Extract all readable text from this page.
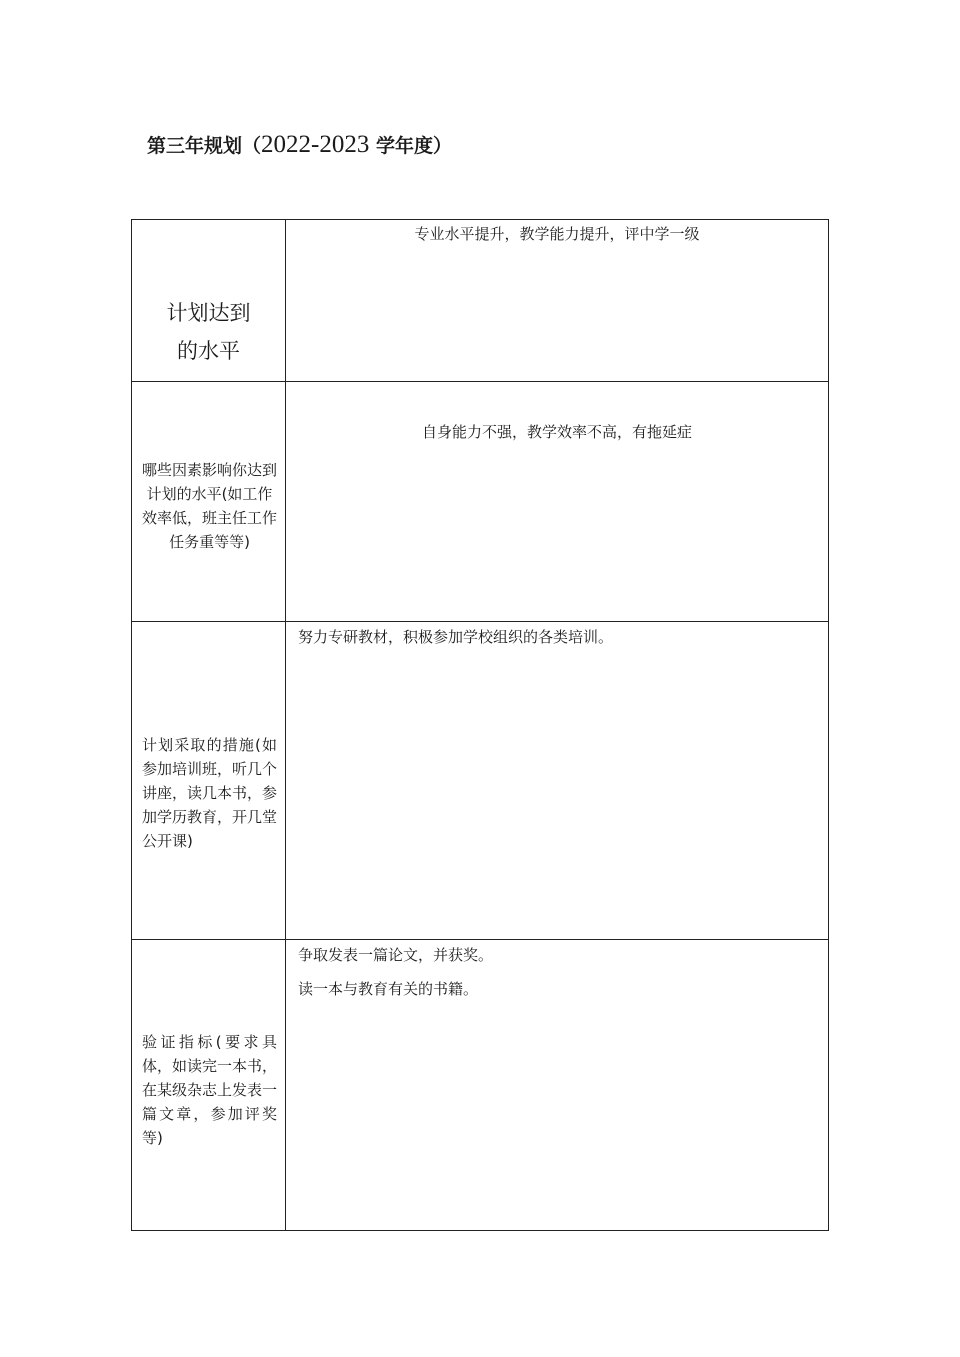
第三年规划（2022-2023 学年度）
计划达到的水平	专业水平提升，教学能力提升，评中学一级

哪些因素影响你达到计划的水平(如工作效率低，班主任工作任务重等等)	自身能力不强，教学效率不高，有拖延症

计划采取的措施(如参加培训班，听几个讲座，读几本书，参加学历教育，开几堂公开课)	努力专研教材，积极参加学校组织的各类培训。

验证指标(要求具体，如读完一本书，在某级杂志上发表一篇文章，参加评奖等)	争取发表一篇论文，并获奖。

读一本与教育有关的书籍。
